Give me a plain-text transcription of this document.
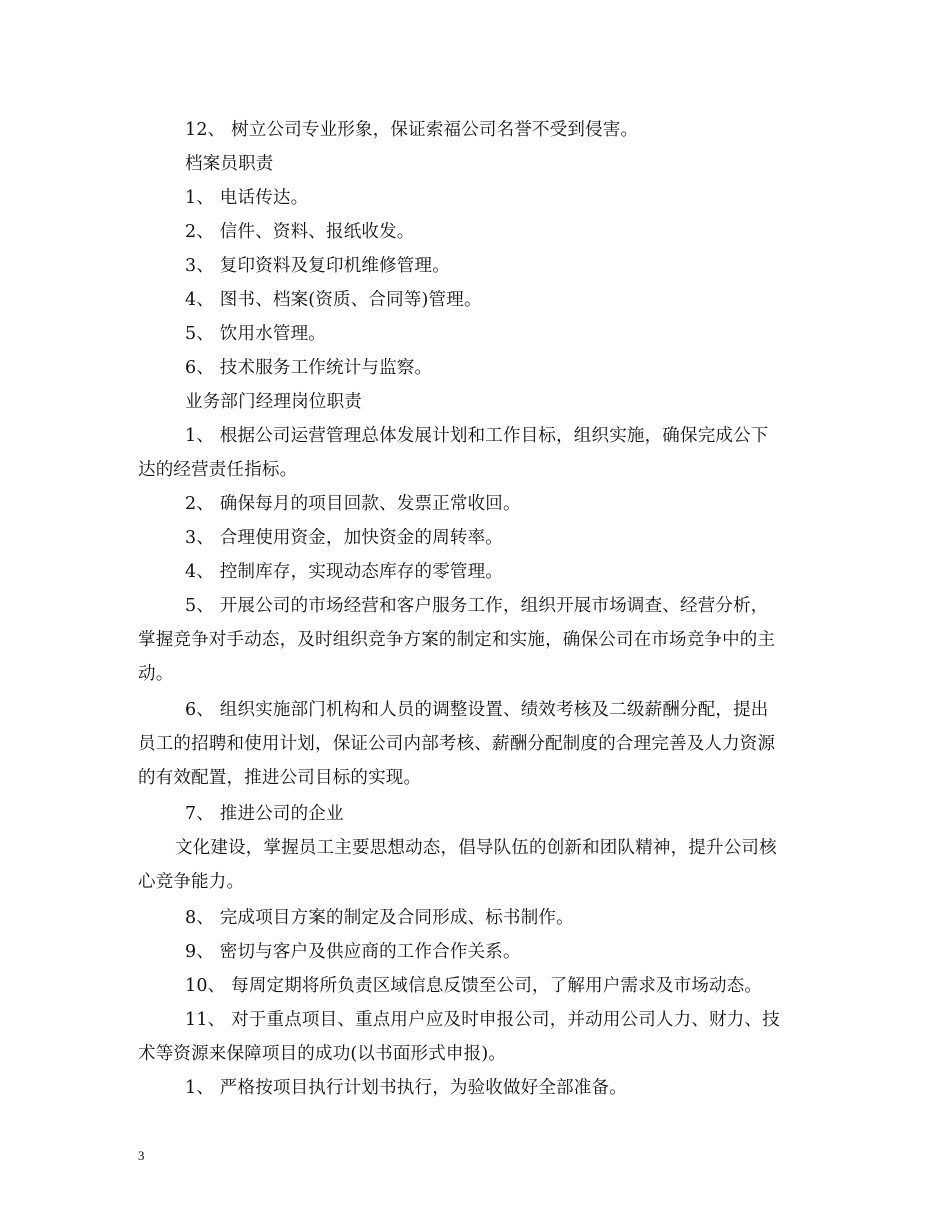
12、 树立公司专业形象，保证索福公司名誉不受到侵害。
档案员职责
1、 电话传达。
2、 信件、资料、报纸收发。
3、 复印资料及复印机维修管理。
4、 图书、档案(资质、合同等)管理。
5、 饮用水管理。
6、 技术服务工作统计与监察。
业务部门经理岗位职责
1、 根据公司运营管理总体发展计划和工作目标，组织实施，确保完成公下
达的经营责任指标。
2、 确保每月的项目回款、发票正常收回。
3、 合理使用资金，加快资金的周转率。
4、 控制库存，实现动态库存的零管理。
5、 开展公司的市场经营和客户服务工作，组织开展市场调查、经营分析，
掌握竞争对手动态，及时组织竞争方案的制定和实施，确保公司在市场竞争中的主
动。
6、 组织实施部门机构和人员的调整设置、绩效考核及二级薪酬分配，提出
员工的招聘和使用计划，保证公司内部考核、薪酬分配制度的合理完善及人力资源
的有效配置，推进公司目标的实现。
7、 推进公司的企业
文化建设，掌握员工主要思想动态，倡导队伍的创新和团队精神，提升公司核
心竞争能力。
8、 完成项目方案的制定及合同形成、标书制作。
9、 密切与客户及供应商的工作合作关系。
10、 每周定期将所负责区域信息反馈至公司，了解用户需求及市场动态。
11、 对于重点项目、重点用户应及时申报公司，并动用公司人力、财力、技
术等资源来保障项目的成功(以书面形式申报)。
1、 严格按项目执行计划书执行，为验收做好全部准备。
3
